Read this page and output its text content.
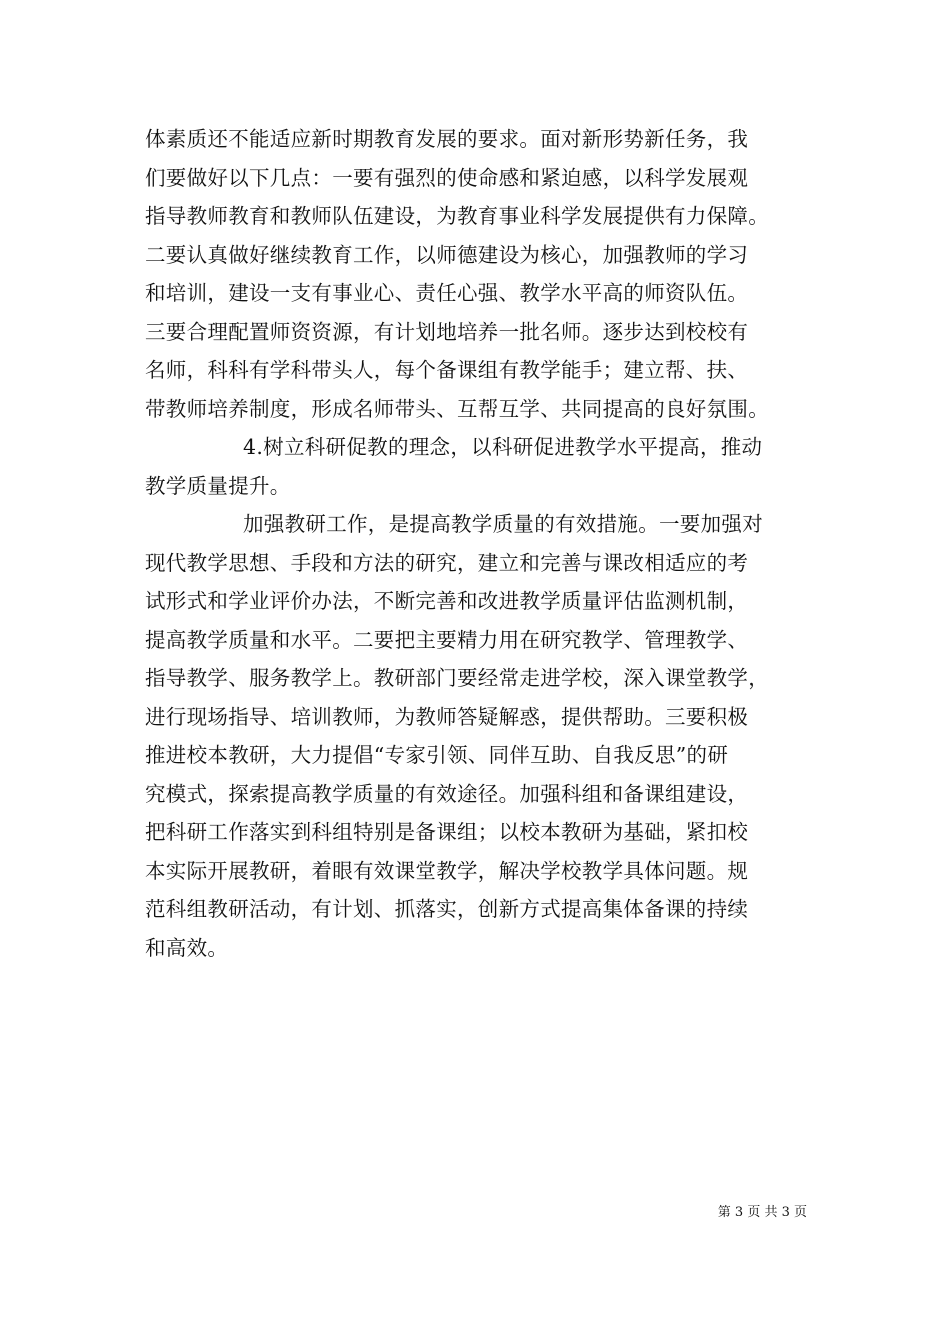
体素质还不能适应新时期教育发展的要求。面对新形势新任务，我
们要做好以下几点：一要有强烈的使命感和紧迫感，以科学发展观
指导教师教育和教师队伍建设，为教育事业科学发展提供有力保障。
二要认真做好继续教育工作，以师德建设为核心，加强教师的学习
和培训，建设一支有事业心、责任心强、教学水平高的师资队伍。
三要合理配置师资资源，有计划地培养一批名师。逐步达到校校有
名师，科科有学科带头人，每个备课组有教学能手；建立帮、扶、
带教师培养制度，形成名师带头、互帮互学、共同提高的良好氛围。
4.树立科研促教的理念，以科研促进教学水平提高，推动
教学质量提升。
加强教研工作，是提高教学质量的有效措施。一要加强对
现代教学思想、手段和方法的研究，建立和完善与课改相适应的考
试形式和学业评价办法，不断完善和改进教学质量评估监测机制，
提高教学质量和水平。二要把主要精力用在研究教学、管理教学、
指导教学、服务教学上。教研部门要经常走进学校，深入课堂教学，
进行现场指导、培训教师，为教师答疑解惑，提供帮助。三要积极
推进校本教研，大力提倡“专家引领、同伴互助、自我反思”的研
究模式，探索提高教学质量的有效途径。加强科组和备课组建设，
把科研工作落实到科组特别是备课组；以校本教研为基础，紧扣校
本实际开展教研，着眼有效课堂教学，解决学校教学具体问题。规
范科组教研活动，有计划、抓落实，创新方式提高集体备课的持续
和高效。
第 3 页 共 3 页
